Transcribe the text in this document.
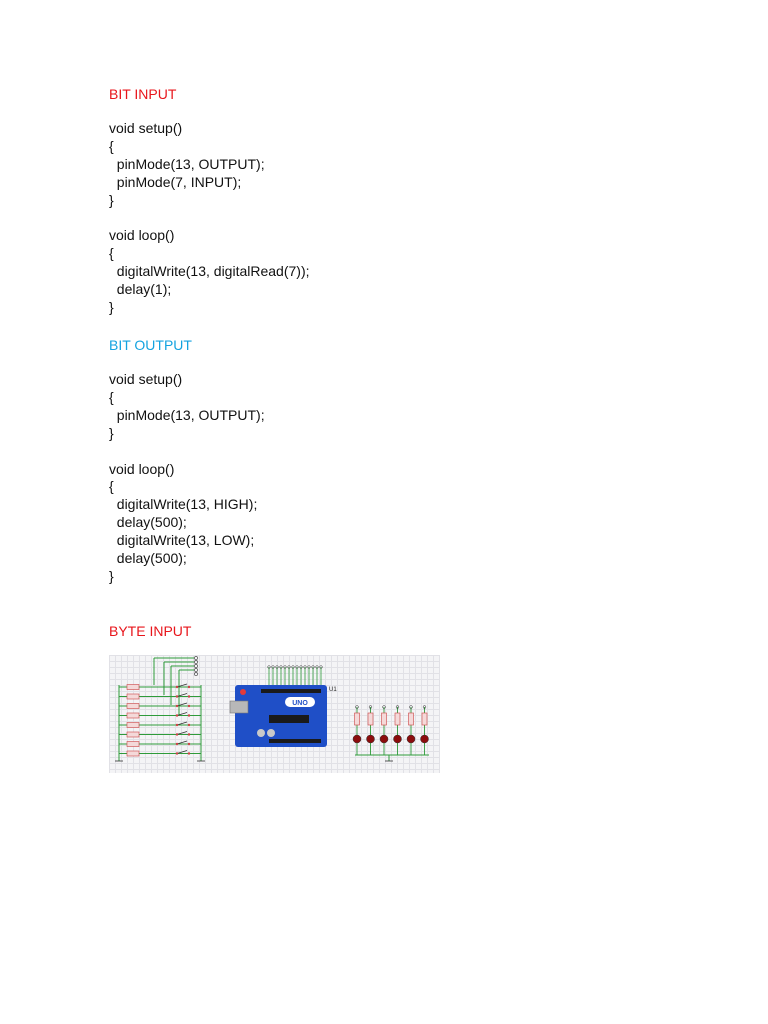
BIT INPUT

void setup()
{
pinMode(13, OUTPUT);
pinMode(7, INPUT);
}

void loop()
{
digitalWrite(13, digitalRead(7));
delay(1);
}

BIT OUTPUT

void setup()
{
pinMode(13, OUTPUT);
}

void loop()
{
digitalWrite(13, HIGH);
delay(500);
digitalWrite(13, LOW);
delay(500);
}

BYTE INPUT

UNO
U1
